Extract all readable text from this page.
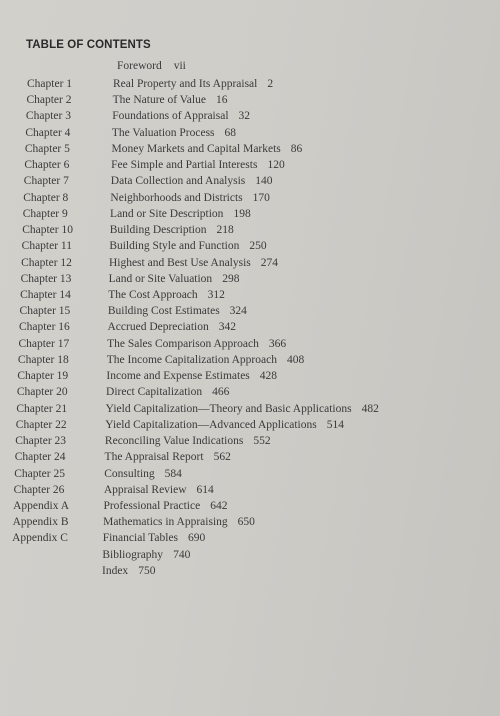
TABLE OF CONTENTS
Foreword vii
Chapter 1	Real Property and Its Appraisal 2
Chapter 2	The Nature of Value 16
Chapter 3	Foundations of Appraisal 32
Chapter 4	The Valuation Process 68
Chapter 5	Money Markets and Capital Markets 86
Chapter 6	Fee Simple and Partial Interests 120
Chapter 7	Data Collection and Analysis 140
Chapter 8	Neighborhoods and Districts 170
Chapter 9	Land or Site Description 198
Chapter 10	Building Description 218
Chapter 11	Building Style and Function 250
Chapter 12	Highest and Best Use Analysis 274
Chapter 13	Land or Site Valuation 298
Chapter 14	The Cost Approach 312
Chapter 15	Building Cost Estimates 324
Chapter 16	Accrued Depreciation 342
Chapter 17	The Sales Comparison Approach 366
Chapter 18	The Income Capitalization Approach 408
Chapter 19	Income and Expense Estimates 428
Chapter 20	Direct Capitalization 466
Chapter 21	Yield Capitalization—Theory and Basic Applications 482
Chapter 22	Yield Capitalization—Advanced Applications 514
Chapter 23	Reconciling Value Indications 552
Chapter 24	The Appraisal Report 562
Chapter 25	Consulting 584
Chapter 26	Appraisal Review 614
Appendix A	Professional Practice 642
Appendix B	Mathematics in Appraising 650
Appendix C	Financial Tables 690
Bibliography 740
Index 750
